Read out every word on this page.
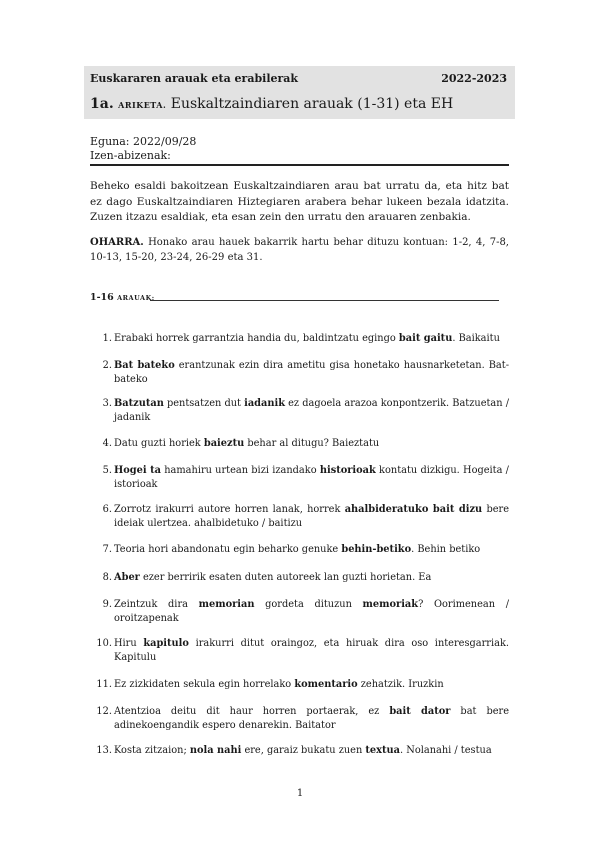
Euskararen arauak eta erabilerak	2022-2023
1a. ARIKETA. Euskaltzaindiaren arauak (1-31) eta EH
Eguna: 2022/09/28
Izen-abizenak:
Beheko esaldi bakoitzean Euskaltzaindiaren arau bat urratu da, eta hitz bat ez dago Euskaltzaindiaren Hiztegiaren arabera behar lukeen bezala idatzita. Zuzen itzazu esaldiak, eta esan zein den urratu den arauaren zenbakia.
OHARRA. Honako arau hauek bakarrik hartu behar dituzu kontuan: 1-2, 4, 7-8, 10-13, 15-20, 23-24, 26-29 eta 31.
1-16 ARAUAK:
1. Erabaki horrek garrantzia handia du, baldintzatu egingo bait gaitu. Baikaitu
2. Bat bateko erantzunak ezin dira ametitu gisa honetako hausnarketetan. Bat-bateko
3. Batzutan pentsatzen dut iadanik ez dagoela arazoa konpontzerik. Batzuetan / jadanik
4. Datu guzti horiek baieztu behar al ditugu? Baieztatu
5. Hogei ta hamahiru urtean bizi izandako historioak kontatu dizkigu. Hogeita / istorioak
6. Zorrotz irakurri autore horren lanak, horrek ahalbideratuko bait dizu bere ideiak ulertzea. ahalbidetuko / baitizu
7. Teoria hori abandonatu egin beharko genuke behin-betiko. Behin betiko
8. Aber ezer berririk esaten duten autoreek lan guzti horietan. Ea
9. Zeintzuk dira memorian gordeta dituzun memoriak? Oorimenean / oroitzapenak
10. Hiru kapitulo irakurri ditut oraingoz, eta hiruak dira oso interesgarriak. Kapitulu
11. Ez zizkidaten sekula egin horrelako komentario zehatzik. Iruzkin
12. Atentzioa deitu dit haur horren portaerak, ez bait dator bat bere adinekoengandik espero denarekin. Baitator
13. Kosta zitzaion; nola nahi ere, garaiz bukatu zuen textua. Nolanahi / testua
1
